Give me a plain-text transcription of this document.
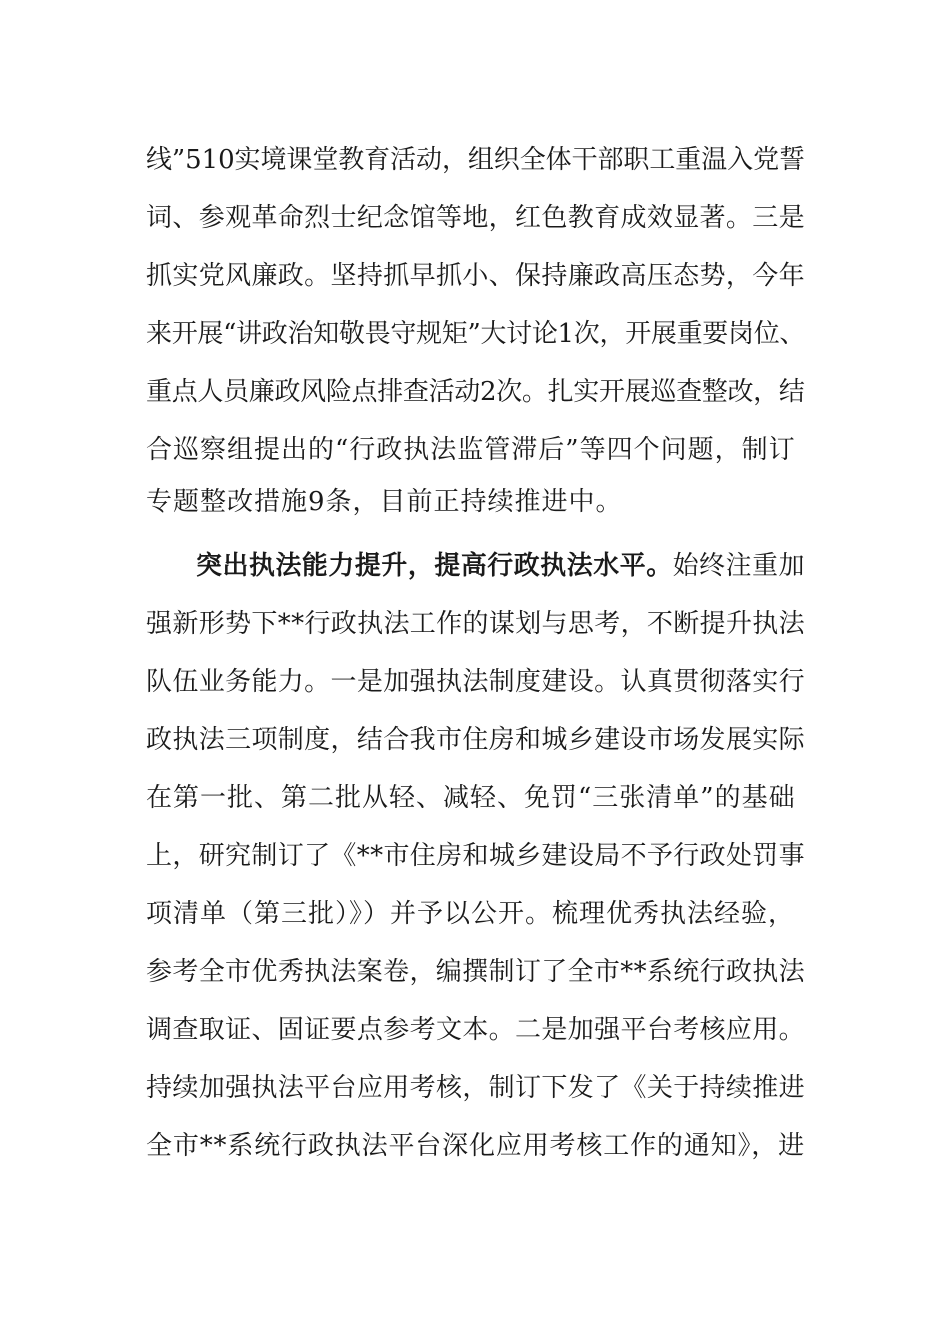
线”510实境课堂教育活动，组织全体干部职工重温入党誓
词、参观革命烈士纪念馆等地，红色教育成效显著。三是
抓实党风廉政。坚持抓早抓小、保持廉政高压态势，今年
来开展“讲政治知敬畏守规矩”大讨论1次，开展重要岗位、
重点人员廉政风险点排查活动2次。扎实开展巡查整改，结
合巡察组提出的“行政执法监管滞后”等四个问题，制订
专题整改措施9条，目前正持续推进中。
突出执法能力提升，提高行政执法水平。始终注重加
强新形势下**行政执法工作的谋划与思考，不断提升执法
队伍业务能力。一是加强执法制度建设。认真贯彻落实行
政执法三项制度，结合我市住房和城乡建设市场发展实际
在第一批、第二批从轻、减轻、免罚“三张清单”的基础
上，研究制订了《**市住房和城乡建设局不予行政处罚事
项清单（第三批）》）并予以公开。梳理优秀执法经验，
参考全市优秀执法案卷，编撰制订了全市**系统行政执法
调查取证、固证要点参考文本。二是加强平台考核应用。
持续加强执法平台应用考核，制订下发了《关于持续推进
全市**系统行政执法平台深化应用考核工作的通知》，进
